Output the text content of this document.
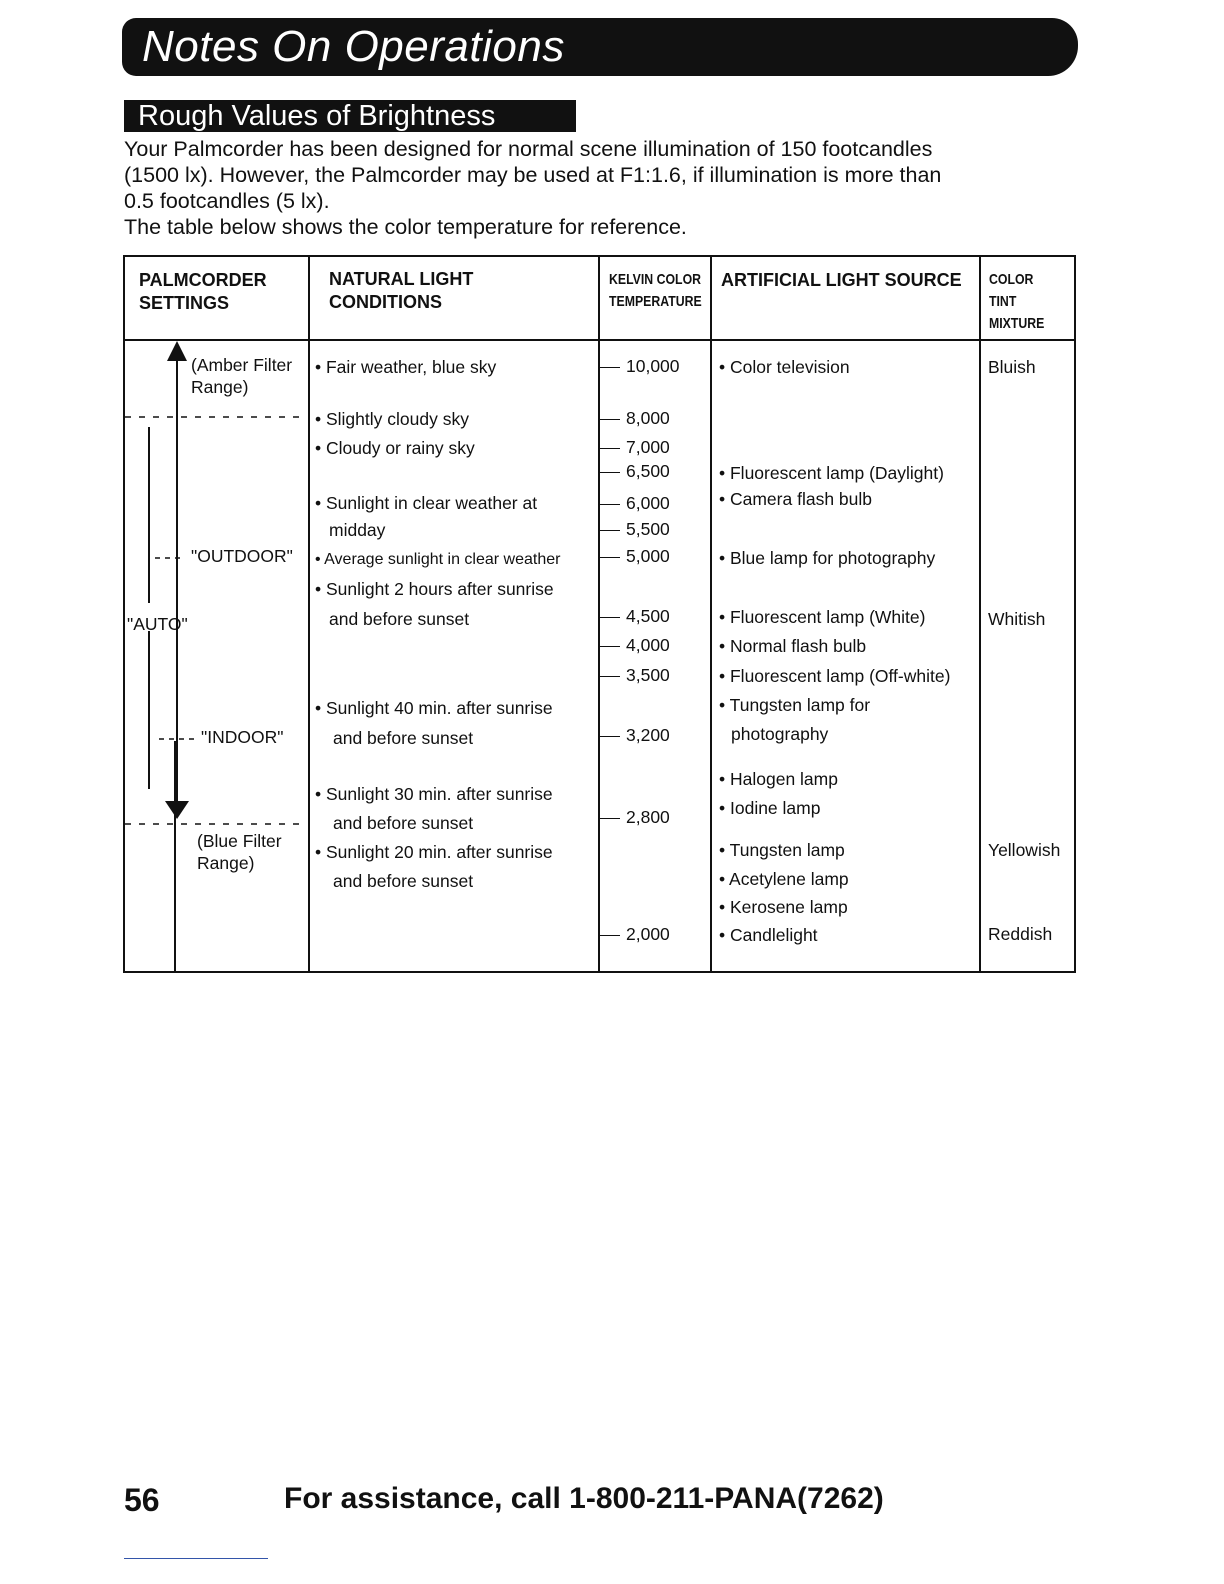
Notes On Operations
Rough Values of Brightness

Your Palmcorder has been designed for normal scene illumination of 150 footcandles

(1500 lx). However, the Palmcorder may be used at F1:1.6, if illumination is more than

0.5 footcandles (5 lx).

The table below shows the color temperature for reference.

PALMCORDER
SETTINGS
NATURAL LIGHT
CONDITIONS
KELVIN COLOR
TEMPERATURE
ARTIFICIAL LIGHT SOURCE COLOR TINT
MIXTURE
(Amber Filter
Range)
"OUTDOOR"
"AUTO"
"INDOOR"
(Blue Filter
Range)
• Fair weather, blue sky
• Slightly cloudy sky
• Cloudy or rainy sky
• Sunlight in clear weather at
midday
• Average sunlight in clear weather
• Sunlight 2 hours after sunrise
and before sunset
• Sunlight 40 min. after sunrise
and before sunset
• Sunlight 30 min. after sunrise
and before sunset
• Sunlight 20 min. after sunrise
and before sunset
10,000
8,000
7,000
6,500
6,000
5,500
5,000
4,500
4,000
3,500
3,200
2,800
2,000
• Color television
• Fluorescent lamp (Daylight)
• Camera flash bulb
• Blue lamp for photography
• Fluorescent lamp (White)
• Normal flash bulb
• Fluorescent lamp (Off-white)
• Tungsten lamp for
photography
• Halogen lamp
• Iodine lamp
• Tungsten lamp
• Acetylene lamp
• Kerosene lamp
• Candlelight
Bluish
Whitish
Yellowish
Reddish
56	For assistance, call 1-800-211-PANA(7262)
